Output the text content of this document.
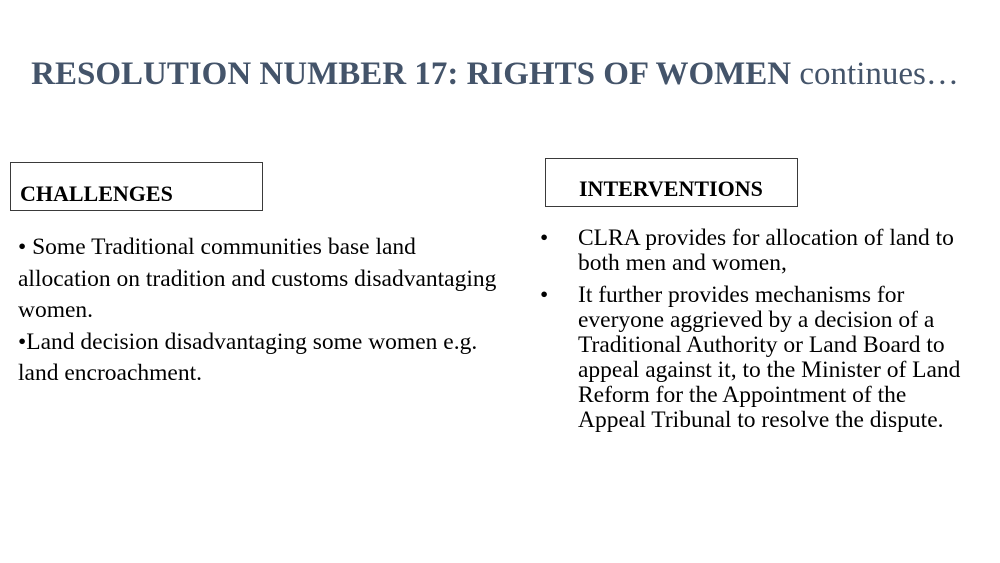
RESOLUTION NUMBER 17: RIGHTS OF WOMEN continues…
CHALLENGES

• Some Traditional communities base land allocation on tradition and customs disadvantaging women.

•Land decision disadvantaging some women e.g. land encroachment.

INTERVENTIONS
• CLRA provides for allocation of land to both men and women,
• It further provides mechanisms for everyone aggrieved by a decision of a Traditional Authority or Land Board to appeal against it, to the Minister of Land Reform for the Appointment of the Appeal Tribunal to resolve the dispute.
